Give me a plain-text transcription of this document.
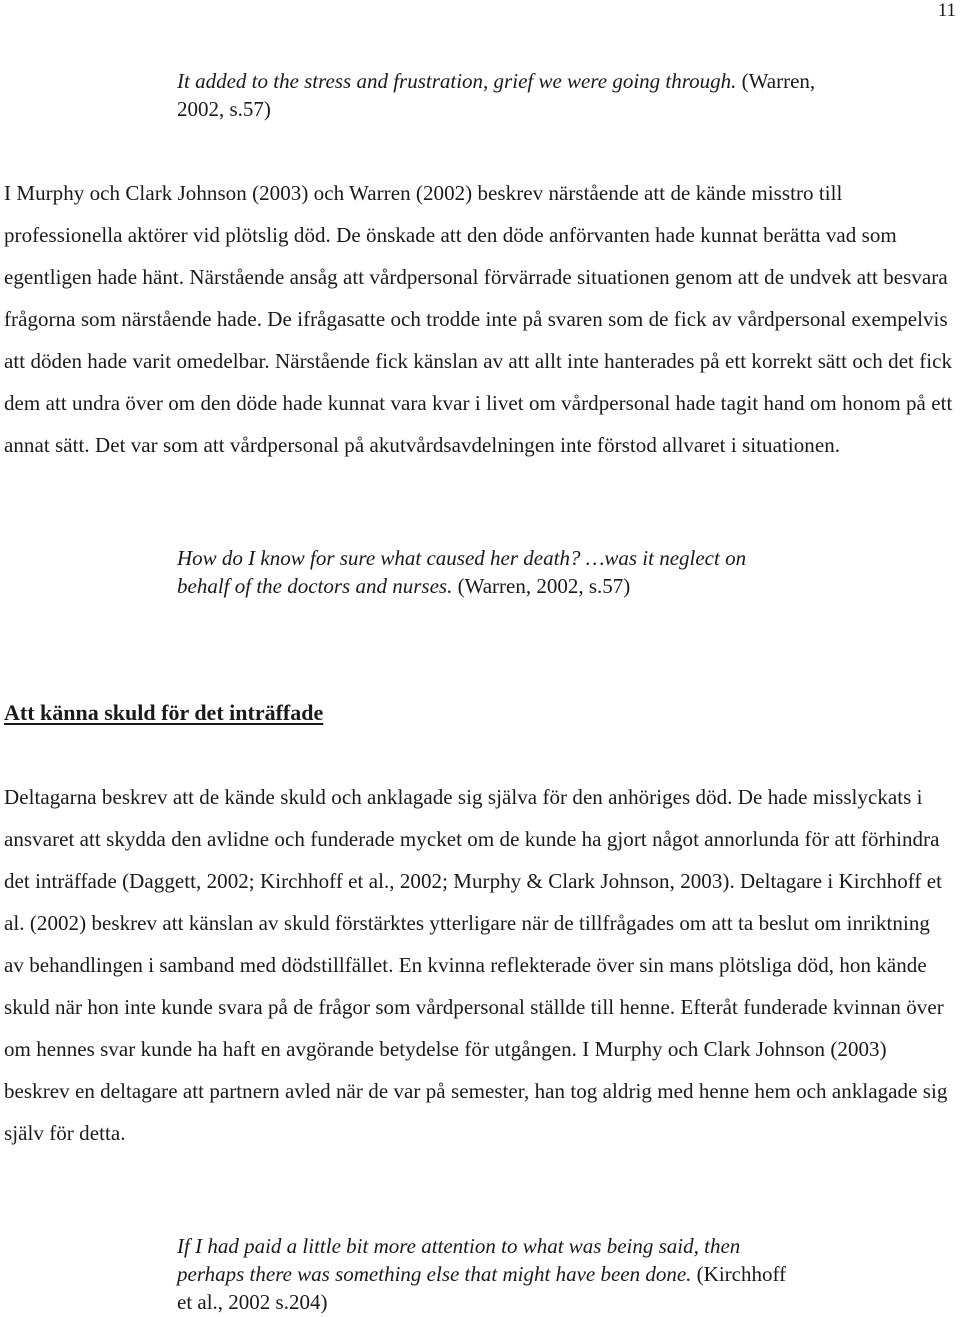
11

It added to the stress and frustration, grief we were going through. (Warren, 2002, s.57)

I Murphy och Clark Johnson (2003) och Warren (2002) beskrev närstående att de kände misstro till professionella aktörer vid plötslig död. De önskade att den döde anförvanten hade kunnat berätta vad som egentligen hade hänt. Närstående ansåg att vårdpersonal förvärrade situationen genom att de undvek att besvara frågorna som närstående hade. De ifrågasatte och trodde inte på svaren som de fick av vårdpersonal exempelvis att döden hade varit omedelbar. Närstående fick känslan av att allt inte hanterades på ett korrekt sätt och det fick dem att undra över om den döde hade kunnat vara kvar i livet om vårdpersonal hade tagit hand om honom på ett annat sätt. Det var som att vårdpersonal på akutvårdsavdelningen inte förstod allvaret i situationen.

How do I know for sure what caused her death? …was it neglect on behalf of the doctors and nurses. (Warren, 2002, s.57)

Att känna skuld för det inträffade

Deltagarna beskrev att de kände skuld och anklagade sig själva för den anhöriges död. De hade misslyckats i ansvaret att skydda den avlidne och funderade mycket om de kunde ha gjort något annorlunda för att förhindra det inträffade (Daggett, 2002; Kirchhoff et al., 2002; Murphy & Clark Johnson, 2003). Deltagare i Kirchhoff et al. (2002) beskrev att känslan av skuld förstärktes ytterligare när de tillfrågades om att ta beslut om inriktning av behandlingen i samband med dödstillfället. En kvinna reflekterade över sin mans plötsliga död, hon kände skuld när hon inte kunde svara på de frågor som vårdpersonal ställde till henne. Efteråt funderade kvinnan över om hennes svar kunde ha haft en avgörande betydelse för utgången. I Murphy och Clark Johnson (2003) beskrev en deltagare att partnern avled när de var på semester, han tog aldrig med henne hem och anklagade sig själv för detta.

If I had paid a little bit more attention to what was being said, then perhaps there was something else that might have been done. (Kirchhoff et al., 2002 s.204)
